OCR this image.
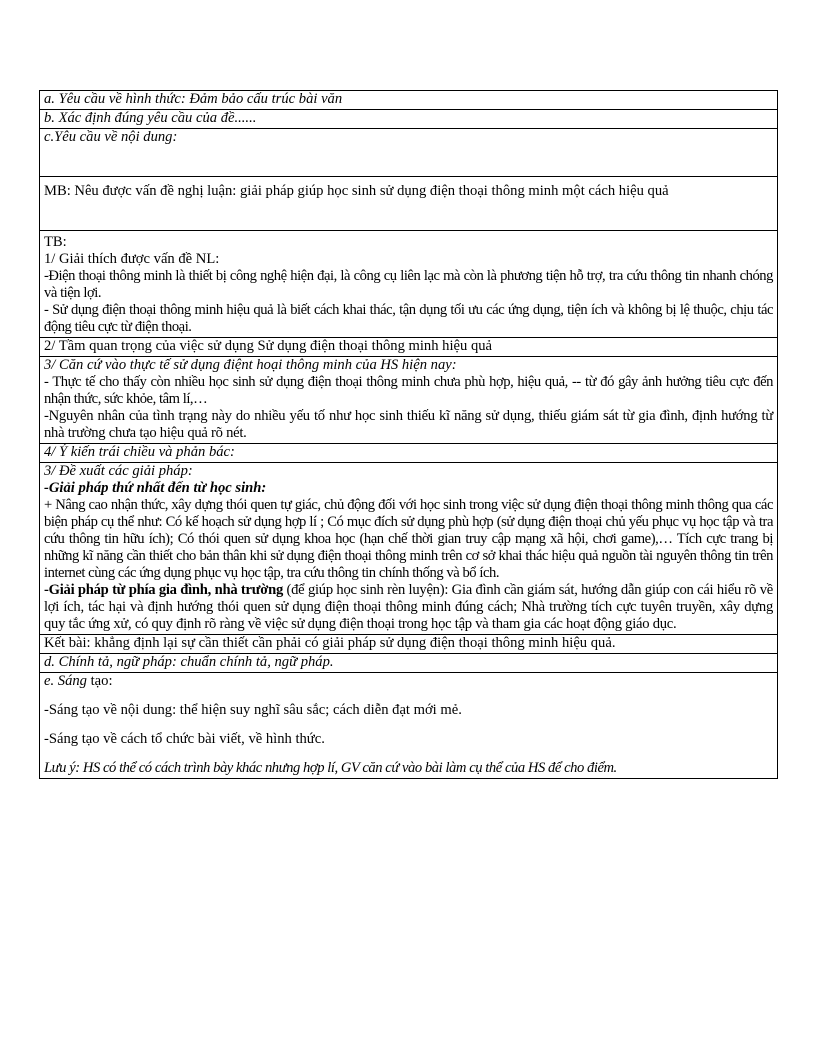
a. Yêu cầu về hình thức: Đảm bảo cấu trúc bài văn
b. Xác định đúng yêu cầu của đề......
c.Yêu cầu về nội dung:

MB: Nêu được vấn đề nghị luận: giải pháp giúp học sinh sử dụng điện thoại thông minh một cách hiệu quả

TB:

1/ Giải thích được vấn đề NL:

-Điện thoại thông minh là thiết bị công nghệ hiện đại, là công cụ liên lạc mà còn là phương tiện hỗ trợ, tra cứu thông tin nhanh chóng và tiện lợi.

- Sử dụng điện thoại thông minh hiệu quả là biết cách khai thác, tận dụng tối ưu các ứng dụng, tiện ích và không bị lệ thuộc, chịu tác động tiêu cực từ điện thoại.

2/ Tầm quan trọng của việc sử dụng Sử dụng điện thoại thông minh hiệu quả

3/ Căn cứ vào thực tế sử dụng điệnt hoại thông minh của HS hiện nay:

- Thực tế cho thấy còn nhiều học sinh sử dụng điện thoại thông minh chưa phù hợp, hiệu quả, -- từ đó gây ảnh hưởng tiêu cực đến nhận thức, sức khỏe, tâm lí,…

-Nguyên nhân của tình trạng này do nhiều yếu tố như học sinh thiếu kĩ năng sử dụng, thiếu giám sát từ gia đình, định hướng từ nhà trường chưa tạo hiệu quả rõ nét.

4/ Ý kiến trái chiều và phản bác:

3/ Đề xuất các giải pháp:

-Giải pháp thứ nhất đến từ học sinh:

+ Nâng cao nhận thức, xây dựng thói quen tự giác, chủ động đối với học sinh trong việc sử dụng điện thoại thông minh thông qua các biện pháp cụ thể như: Có kế hoạch sử dụng hợp lí ; Có mục đích sử dụng phù hợp (sử dụng điện thoại chủ yếu phục vụ học tập và tra cứu thông tin hữu ích); Có thói quen sử dụng khoa học (hạn chế thời gian truy cập mạng xã hội, chơi game),… Tích cực trang bị những kĩ năng cần thiết cho bản thân khi sử dụng điện thoại thông minh trên cơ sở khai thác hiệu quả nguồn tài nguyên thông tin trên internet cùng các ứng dụng phục vụ học tập, tra cứu thông tin chính thống và bổ ích.

-Giải pháp từ phía gia đình, nhà trường (để giúp học sinh rèn luyện): Gia đình cần giám sát, hướng dẫn giúp con cái hiểu rõ về lợi ích, tác hại và định hướng thói quen sử dụng điện thoại thông minh đúng cách; Nhà trường tích cực tuyên truyền, xây dựng quy tắc ứng xử, có quy định rõ ràng về việc sử dụng điện thoại trong học tập và tham gia các hoạt động giáo dục.

Kết bài: khẳng định lại sự cần thiết cần phải có giải pháp sử dụng điện thoại thông minh hiệu quả.
d. Chính tả, ngữ pháp: chuẩn chính tả, ngữ pháp.

e. Sáng tạo:

-Sáng tạo về nội dung: thể hiện suy nghĩ sâu sắc; cách diễn đạt mới mẻ.

-Sáng tạo về cách tổ chức bài viết, về hình thức.

Lưu ý: HS có thể có cách trình bày khác nhưng hợp lí, GV căn cứ vào bài làm cụ thể của HS để cho điểm.
